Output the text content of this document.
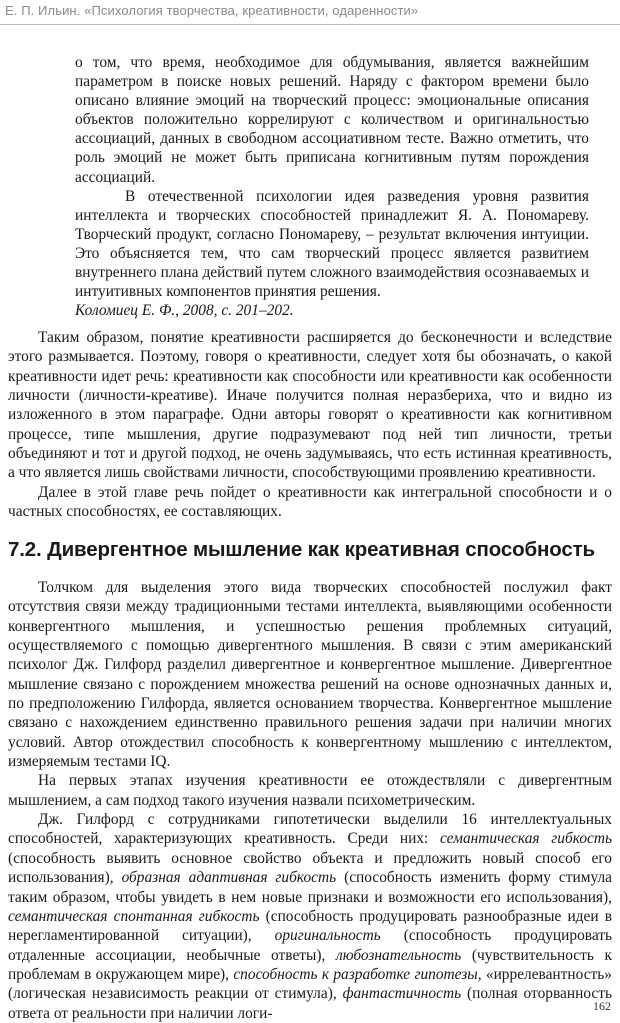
Е. П. Ильин. «Психология творчества, креативности, одаренности»

о том, что время, необходимое для обдумывания, является важнейшим параметром в поиске новых решений. Наряду с фактором времени было описано влияние эмоций на творческий процесс: эмоциональные описания объектов положительно коррелируют с количеством и оригинальностью ассоциаций, данных в свободном ассоциативном тесте. Важно отметить, что роль эмоций не может быть приписана когнитивным путям порождения ассоциаций.

В отечественной психологии идея разведения уровня развития интеллекта и творческих способностей принадлежит Я. А. Пономареву. Творческий продукт, согласно Пономареву, – результат включения интуиции. Это объясняется тем, что сам творческий процесс является развитием внутреннего плана действий путем сложного взаимодействия осознаваемых и интуитивных компонентов принятия решения.

Коломиец Е. Ф., 2008, с. 201–202.

Таким образом, понятие креативности расширяется до бесконечности и вследствие этого размывается. Поэтому, говоря о креативности, следует хотя бы обозначать, о какой креативности идет речь: креативности как способности или креативности как особенности личности (личности-креативе). Иначе получится полная неразбериха, что и видно из изложенного в этом параграфе. Одни авторы говорят о креативности как когнитивном процессе, типе мышления, другие подразумевают под ней тип личности, третьи объединяют и тот и другой подход, не очень задумываясь, что есть истинная креативность, а что является лишь свойствами личности, способствующими проявлению креативности.

Далее в этой главе речь пойдет о креативности как интегральной способности и о частных способностях, ее составляющих.

7.2. Дивергентное мышление как креативная способность

Толчком для выделения этого вида творческих способностей послужил факт отсутствия связи между традиционными тестами интеллекта, выявляющими особенности конвергентного мышления, и успешностью решения проблемных ситуаций, осуществляемого с помощью дивергентного мышления. В связи с этим американский психолог Дж. Гилфорд разделил дивергентное и конвергентное мышление. Дивергентное мышление связано с порождением множества решений на основе однозначных данных и, по предположению Гилфорда, является основанием творчества. Конвергентное мышление связано с нахождением единственно правильного решения задачи при наличии многих условий. Автор отождествил способность к конвергентному мышлению с интеллектом, измеряемым тестами IQ.

На первых этапах изучения креативности ее отождествляли с дивергентным мышлением, а сам подход такого изучения назвали психометрическим.

Дж. Гилфорд с сотрудниками гипотетически выделили 16 интеллектуальных способностей, характеризующих креативность. Среди них: семантическая гибкость (способность выявить основное свойство объекта и предложить новый способ его использования), образная адаптивная гибкость (способность изменить форму стимула таким образом, чтобы увидеть в нем новые признаки и возможности его использования), семантическая спонтанная гибкость (способность продуцировать разнообразные идеи в нерегламентированной ситуации), оригинальность (способность продуцировать отдаленные ассоциации, необычные ответы), любознательность (чувствительность к проблемам в окружающем мире), способность к разработке гипотезы, «иррелевантность» (логическая независимость реакции от стимула), фантастичность (полная оторванность ответа от реальности при наличии логи-	162
